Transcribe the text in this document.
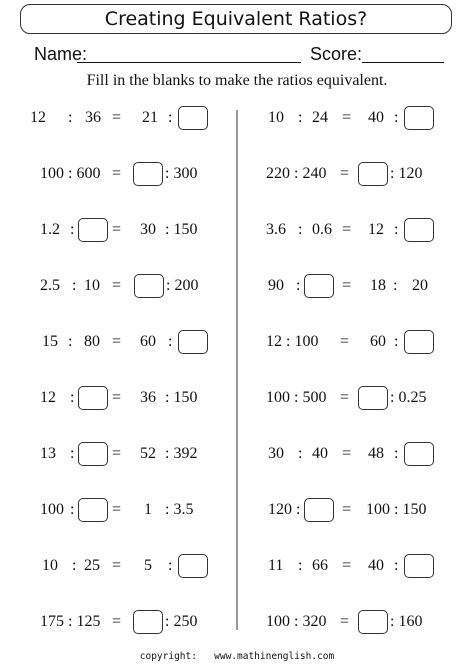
Creating Equivalent Ratios?
Name:	Score:
Fill in the blanks to make the ratios equivalent.
12 : 36 = 21 :
100 : 600 =	: 300
1.2 : = 30 : 150
2.5 : 10 =	: 200
15 : 80 = 60 :
12 : = 36 : 150
13 : = 52 : 392
100 : = 1 : 3.5
10 : 25 = 5 :
175 : 125 =	: 250
10 : 24 = 40 :
220 : 240 =	: 120
3.6 : 0.6 = 12 :
90 :	= 18 : 20
12 : 100 = 60 :
100 : 500 =	: 0.25
30 : 40 = 48 :
120 :	= 100 : 150
11 : 66 = 40 :
100 : 320 =	: 160
copyright: www.mathinenglish.com
